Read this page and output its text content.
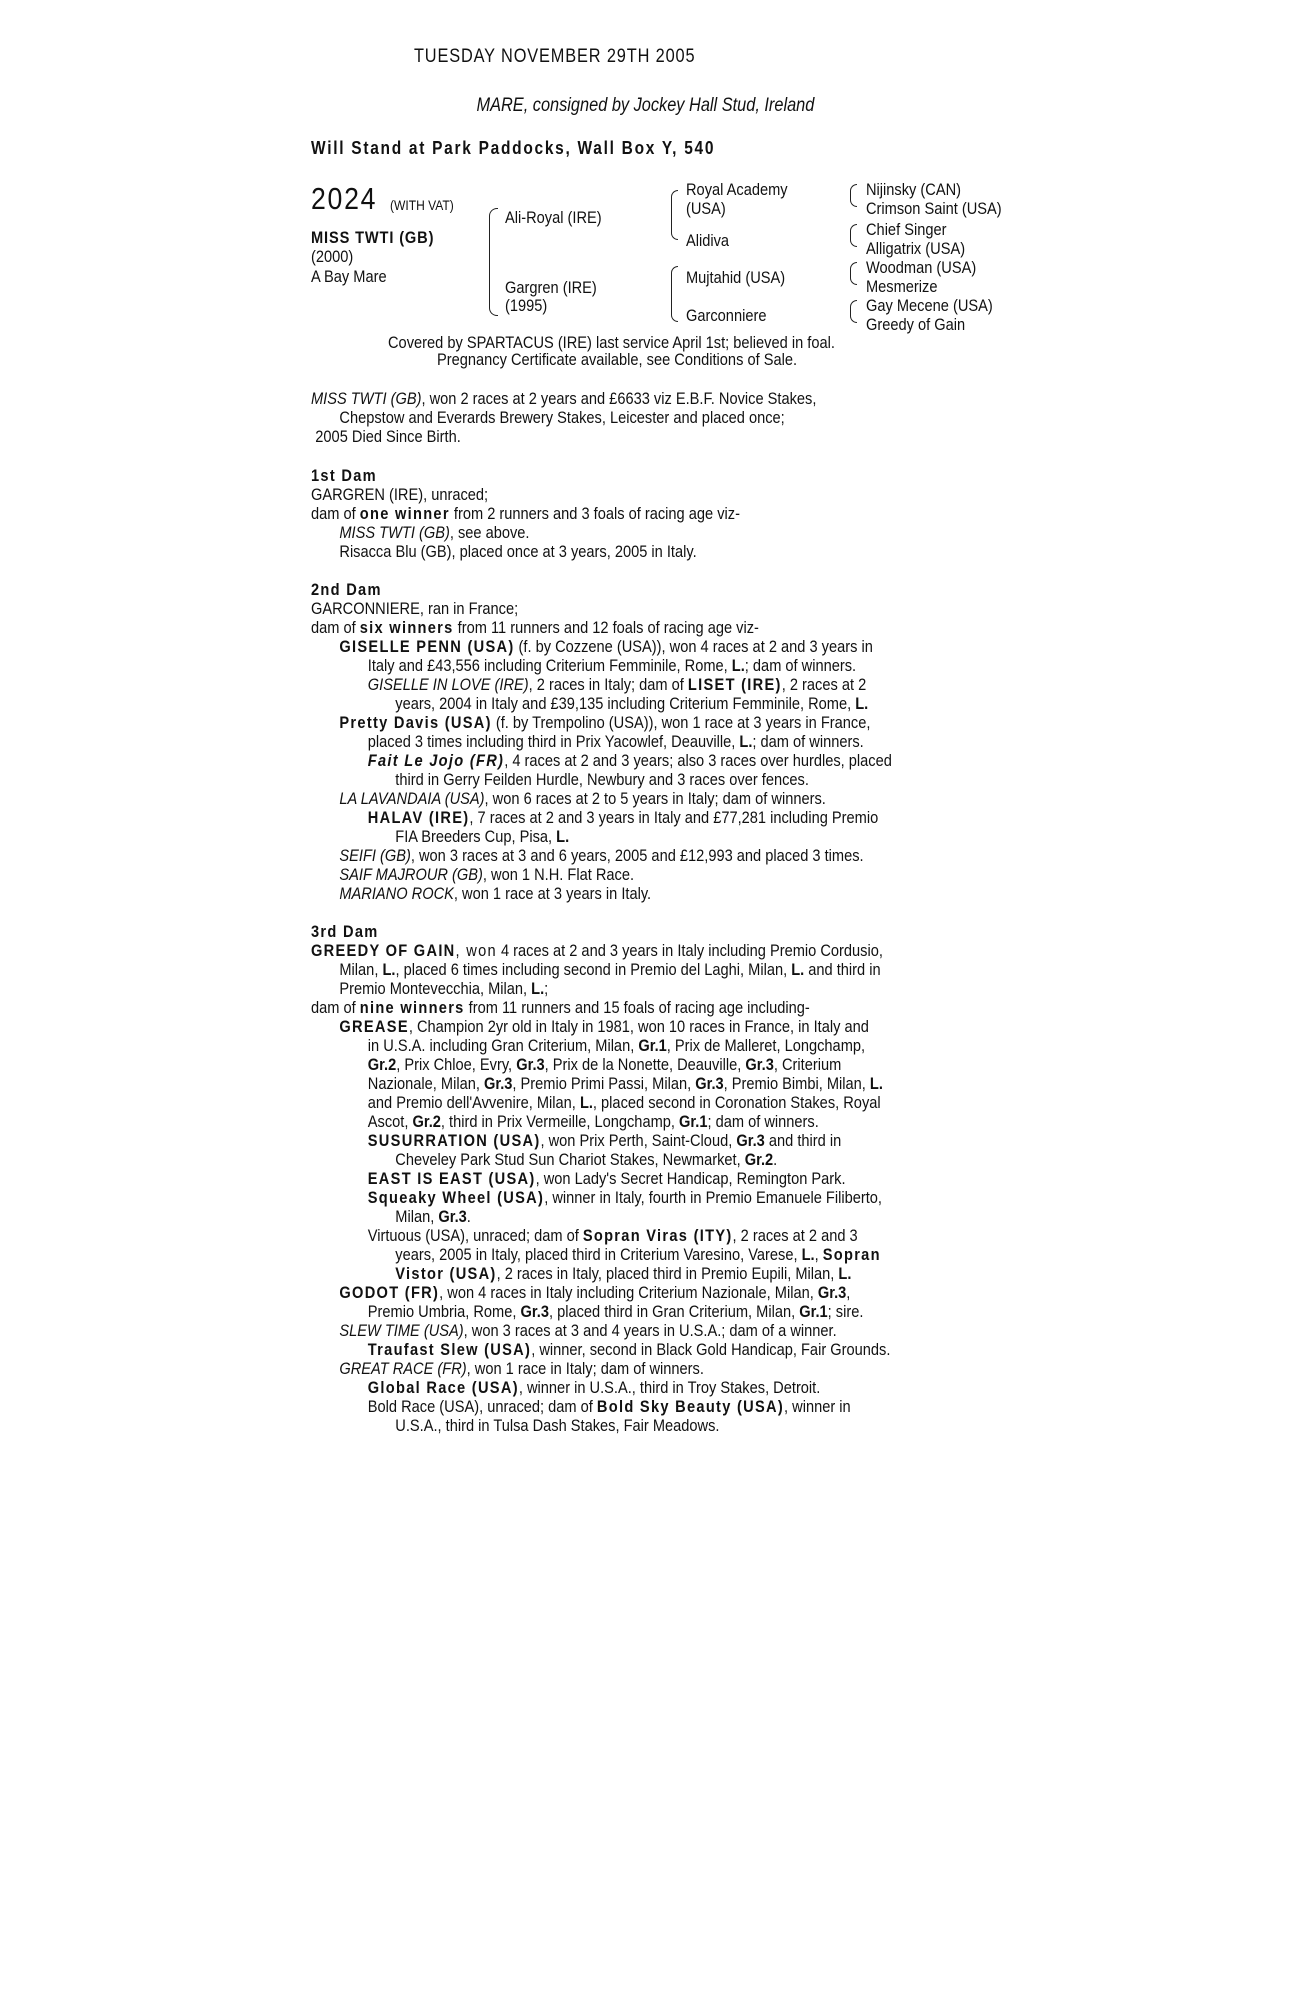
TUESDAY NOVEMBER 29TH 2005
MARE, consigned by Jockey Hall Stud, Ireland
Will Stand at Park Paddocks, Wall Box Y, 540
2024 (WITH VAT)
MISS TWTI (GB)
(2000)
A Bay Mare
Ali-Royal (IRE)
Gargren (IRE)
(1995)
Royal Academy
(USA)
Alidiva
Mujtahid (USA)
Garconniere
Nijinsky (CAN)
Crimson Saint (USA)
Chief Singer
Alligatrix (USA)
Woodman (USA)
Mesmerize
Gay Mecene (USA)
Greedy of Gain
Covered by SPARTACUS (IRE) last service April 1st; believed in foal.
Pregnancy Certificate available, see Conditions of Sale.
MISS TWTI (GB), won 2 races at 2 years and £6633 viz E.B.F. Novice Stakes,
Chepstow and Everards Brewery Stakes, Leicester and placed once;
2005 Died Since Birth.
1st Dam
GARGREN (IRE), unraced;
dam of one winner from 2 runners and 3 foals of racing age viz-
MISS TWTI (GB), see above.
Risacca Blu (GB), placed once at 3 years, 2005 in Italy.
2nd Dam
GARCONNIERE, ran in France;
dam of six winners from 11 runners and 12 foals of racing age viz-
GISELLE PENN (USA) (f. by Cozzene (USA)), won 4 races at 2 and 3 years in
Italy and £43,556 including Criterium Femminile, Rome, L.; dam of winners.
GISELLE IN LOVE (IRE), 2 races in Italy; dam of LISET (IRE), 2 races at 2
years, 2004 in Italy and £39,135 including Criterium Femminile, Rome, L.
Pretty Davis (USA) (f. by Trempolino (USA)), won 1 race at 3 years in France,
placed 3 times including third in Prix Yacowlef, Deauville, L.; dam of winners.
Fait Le Jojo (FR), 4 races at 2 and 3 years; also 3 races over hurdles, placed
third in Gerry Feilden Hurdle, Newbury and 3 races over fences.
LA LAVANDAIA (USA), won 6 races at 2 to 5 years in Italy; dam of winners.
HALAV (IRE), 7 races at 2 and 3 years in Italy and £77,281 including Premio
FIA Breeders Cup, Pisa, L.
SEIFI (GB), won 3 races at 3 and 6 years, 2005 and £12,993 and placed 3 times.
SAIF MAJROUR (GB), won 1 N.H. Flat Race.
MARIANO ROCK, won 1 race at 3 years in Italy.
3rd Dam
GREEDY OF GAIN, won 4 races at 2 and 3 years in Italy including Premio Cordusio,
Milan, L., placed 6 times including second in Premio del Laghi, Milan, L. and third in
Premio Montevecchia, Milan, L.;
dam of nine winners from 11 runners and 15 foals of racing age including-
GREASE, Champion 2yr old in Italy in 1981, won 10 races in France, in Italy and
in U.S.A. including Gran Criterium, Milan, Gr.1, Prix de Malleret, Longchamp,
Gr.2, Prix Chloe, Evry, Gr.3, Prix de la Nonette, Deauville, Gr.3, Criterium
Nazionale, Milan, Gr.3, Premio Primi Passi, Milan, Gr.3, Premio Bimbi, Milan, L.
and Premio dell'Avvenire, Milan, L., placed second in Coronation Stakes, Royal
Ascot, Gr.2, third in Prix Vermeille, Longchamp, Gr.1; dam of winners.
SUSURRATION (USA), won Prix Perth, Saint-Cloud, Gr.3 and third in
Cheveley Park Stud Sun Chariot Stakes, Newmarket, Gr.2.
EAST IS EAST (USA), won Lady's Secret Handicap, Remington Park.
Squeaky Wheel (USA), winner in Italy, fourth in Premio Emanuele Filiberto,
Milan, Gr.3.
Virtuous (USA), unraced; dam of Sopran Viras (ITY), 2 races at 2 and 3
years, 2005 in Italy, placed third in Criterium Varesino, Varese, L., Sopran
Vistor (USA), 2 races in Italy, placed third in Premio Eupili, Milan, L.
GODOT (FR), won 4 races in Italy including Criterium Nazionale, Milan, Gr.3,
Premio Umbria, Rome, Gr.3, placed third in Gran Criterium, Milan, Gr.1; sire.
SLEW TIME (USA), won 3 races at 3 and 4 years in U.S.A.; dam of a winner.
Traufast Slew (USA), winner, second in Black Gold Handicap, Fair Grounds.
GREAT RACE (FR), won 1 race in Italy; dam of winners.
Global Race (USA), winner in U.S.A., third in Troy Stakes, Detroit.
Bold Race (USA), unraced; dam of Bold Sky Beauty (USA), winner in
U.S.A., third in Tulsa Dash Stakes, Fair Meadows.
